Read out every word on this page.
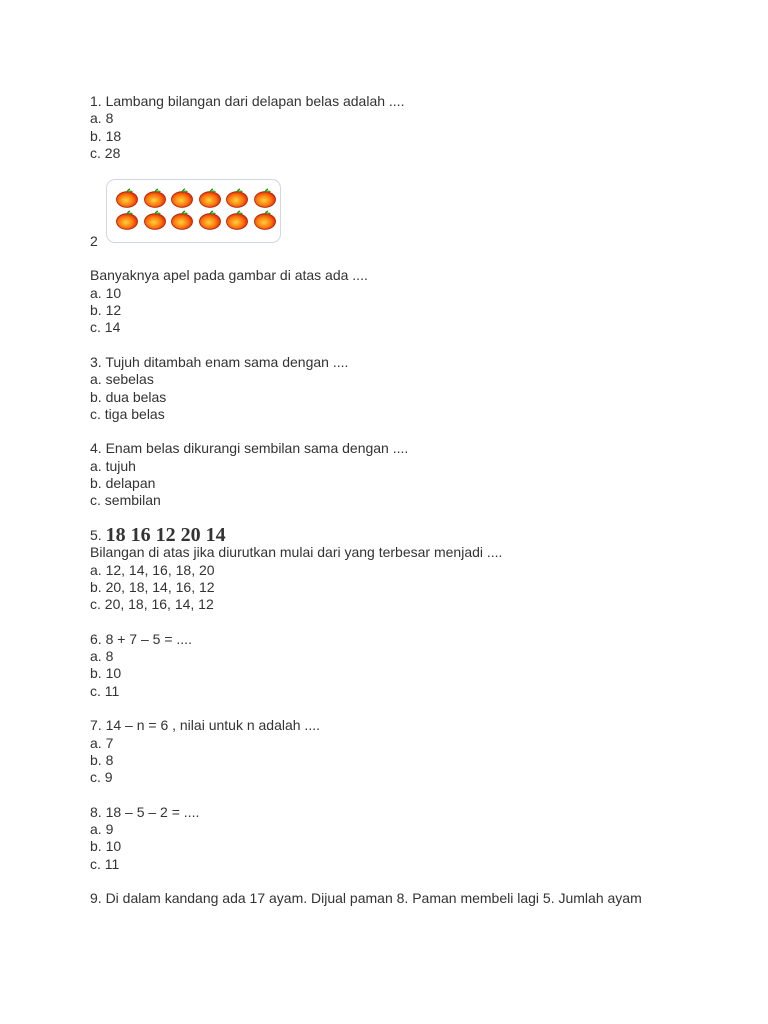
1. Lambang bilangan dari delapan belas adalah ....
a. 8
b. 18
c. 28
2
Banyaknya apel pada gambar di atas ada ....
a. 10
b. 12
c. 14
3. Tujuh ditambah enam sama dengan ....
a. sebelas
b. dua belas
c. tiga belas
4. Enam belas dikurangi sembilan sama dengan ....
a. tujuh
b. delapan
c. sembilan
5. 18 16 12 20 14
Bilangan di atas jika diurutkan mulai dari yang terbesar menjadi ....
a. 12, 14, 16, 18, 20
b. 20, 18, 14, 16, 12
c. 20, 18, 16, 14, 12
6. 8 + 7 – 5 = ....
a. 8
b. 10
c. 11
7. 14 – n = 6 , nilai untuk n adalah ....
a. 7
b. 8
c. 9
8. 18 – 5 – 2 = ....
a. 9
b. 10
c. 11
9. Di dalam kandang ada 17 ayam. Dijual paman 8. Paman membeli lagi 5. Jumlah ayam
